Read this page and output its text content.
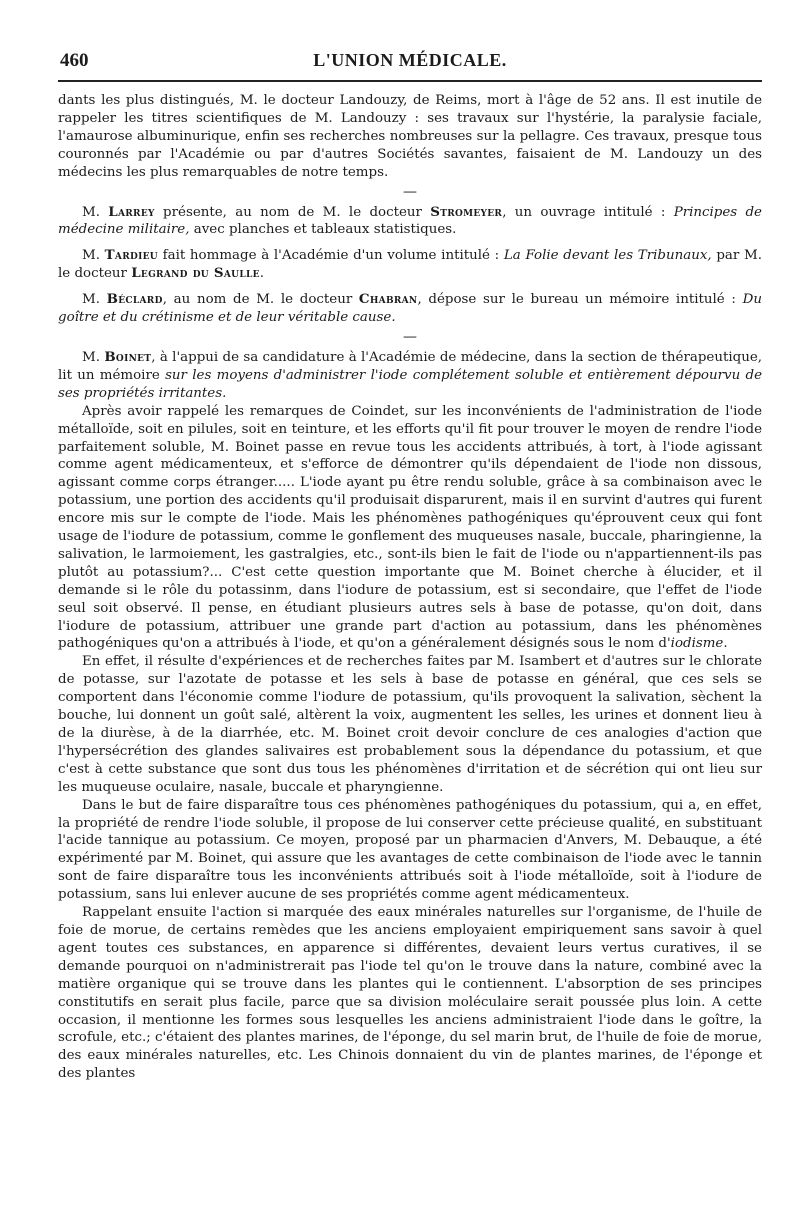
460	L'UNION MÉDICALE.

dants les plus distingués, M. le docteur Landouzy, de Reims, mort à l'âge de 52 ans. Il est inutile de rappeler les titres scientifiques de M. Landouzy : ses travaux sur l'hystérie, la paralysie faciale, l'amaurose albuminurique, enfin ses recherches nombreuses sur la pellagre. Ces travaux, presque tous couronnés par l'Académie ou par d'autres Sociétés savantes, faisaient de M. Landouzy un des médecins les plus remarquables de notre temps.

—

M. Larrey présente, au nom de M. le docteur Stromeyer, un ouvrage intitulé : Principes de médecine militaire, avec planches et tableaux statistiques.

M. Tardieu fait hommage à l'Académie d'un volume intitulé : La Folie devant les Tribunaux, par M. le docteur Legrand du Saulle.

M. Béclard, au nom de M. le docteur Chabran, dépose sur le bureau un mémoire intitulé : Du goître et du crétinisme et de leur véritable cause.

—

M. Boinet, à l'appui de sa candidature à l'Académie de médecine, dans la section de thérapeutique, lit un mémoire sur les moyens d'administrer l'iode complétement soluble et entièrement dépourvu de ses propriétés irritantes.

Après avoir rappelé les remarques de Coindet, sur les inconvénients de l'administration de l'iode métalloïde, soit en pilules, soit en teinture, et les efforts qu'il fit pour trouver le moyen de rendre l'iode parfaitement soluble, M. Boinet passe en revue tous les accidents attribués, à tort, à l'iode agissant comme agent médicamenteux, et s'efforce de démontrer qu'ils dépendaient de l'iode non dissous, agissant comme corps étranger..... L'iode ayant pu être rendu soluble, grâce à sa combinaison avec le potassium, une portion des accidents qu'il produisait disparurent, mais il en survint d'autres qui furent encore mis sur le compte de l'iode. Mais les phénomènes pathogéniques qu'éprouvent ceux qui font usage de l'iodure de potassium, comme le gonflement des muqueuses nasale, buccale, pharingienne, la salivation, le larmoiement, les gastralgies, etc., sont-ils bien le fait de l'iode ou n'appartiennent-ils pas plutôt au potassium?... C'est cette question importante que M. Boinet cherche à élucider, et il demande si le rôle du potassinm, dans l'iodure de potassium, est si secondaire, que l'effet de l'iode seul soit observé. Il pense, en étudiant plusieurs autres sels à base de potasse, qu'on doit, dans l'iodure de potassium, attribuer une grande part d'action au potassium, dans les phénomènes pathogéniques qu'on a attribués à l'iode, et qu'on a généralement désignés sous le nom d'iodisme.

En effet, il résulte d'expériences et de recherches faites par M. Isambert et d'autres sur le chlorate de potasse, sur l'azotate de potasse et les sels à base de potasse en général, que ces sels se comportent dans l'économie comme l'iodure de potassium, qu'ils provoquent la salivation, sèchent la bouche, lui donnent un goût salé, altèrent la voix, augmentent les selles, les urines et donnent lieu à de la diurèse, à de la diarrhée, etc. M. Boinet croit devoir conclure de ces analogies d'action que l'hypersécrétion des glandes salivaires est probablement sous la dépendance du potassium, et que c'est à cette substance que sont dus tous les phénomènes d'irritation et de sécrétion qui ont lieu sur les muqueuse oculaire, nasale, buccale et pharyngienne.

Dans le but de faire disparaître tous ces phénomènes pathogéniques du potassium, qui a, en effet, la propriété de rendre l'iode soluble, il propose de lui conserver cette précieuse qualité, en substituant l'acide tannique au potassium. Ce moyen, proposé par un pharmacien d'Anvers, M. Debauque, a été expérimenté par M. Boinet, qui assure que les avantages de cette combinaison de l'iode avec le tannin sont de faire disparaître tous les inconvénients attribués soit à l'iode métalloïde, soit à l'iodure de potassium, sans lui enlever aucune de ses propriétés comme agent médicamenteux.

Rappelant ensuite l'action si marquée des eaux minérales naturelles sur l'organisme, de l'huile de foie de morue, de certains remèdes que les anciens employaient empiriquement sans savoir à quel agent toutes ces substances, en apparence si différentes, devaient leurs vertus curatives, il se demande pourquoi on n'administrerait pas l'iode tel qu'on le trouve dans la nature, combiné avec la matière organique qui se trouve dans les plantes qui le contiennent. L'absorption de ses principes constitutifs en serait plus facile, parce que sa division moléculaire serait poussée plus loin. A cette occasion, il mentionne les formes sous lesquelles les anciens administraient l'iode dans le goître, la scrofule, etc.; c'étaient des plantes marines, de l'éponge, du sel marin brut, de l'huile de foie de morue, des eaux minérales naturelles, etc. Les Chinois donnaient du vin de plantes marines, de l'éponge et des plantes
